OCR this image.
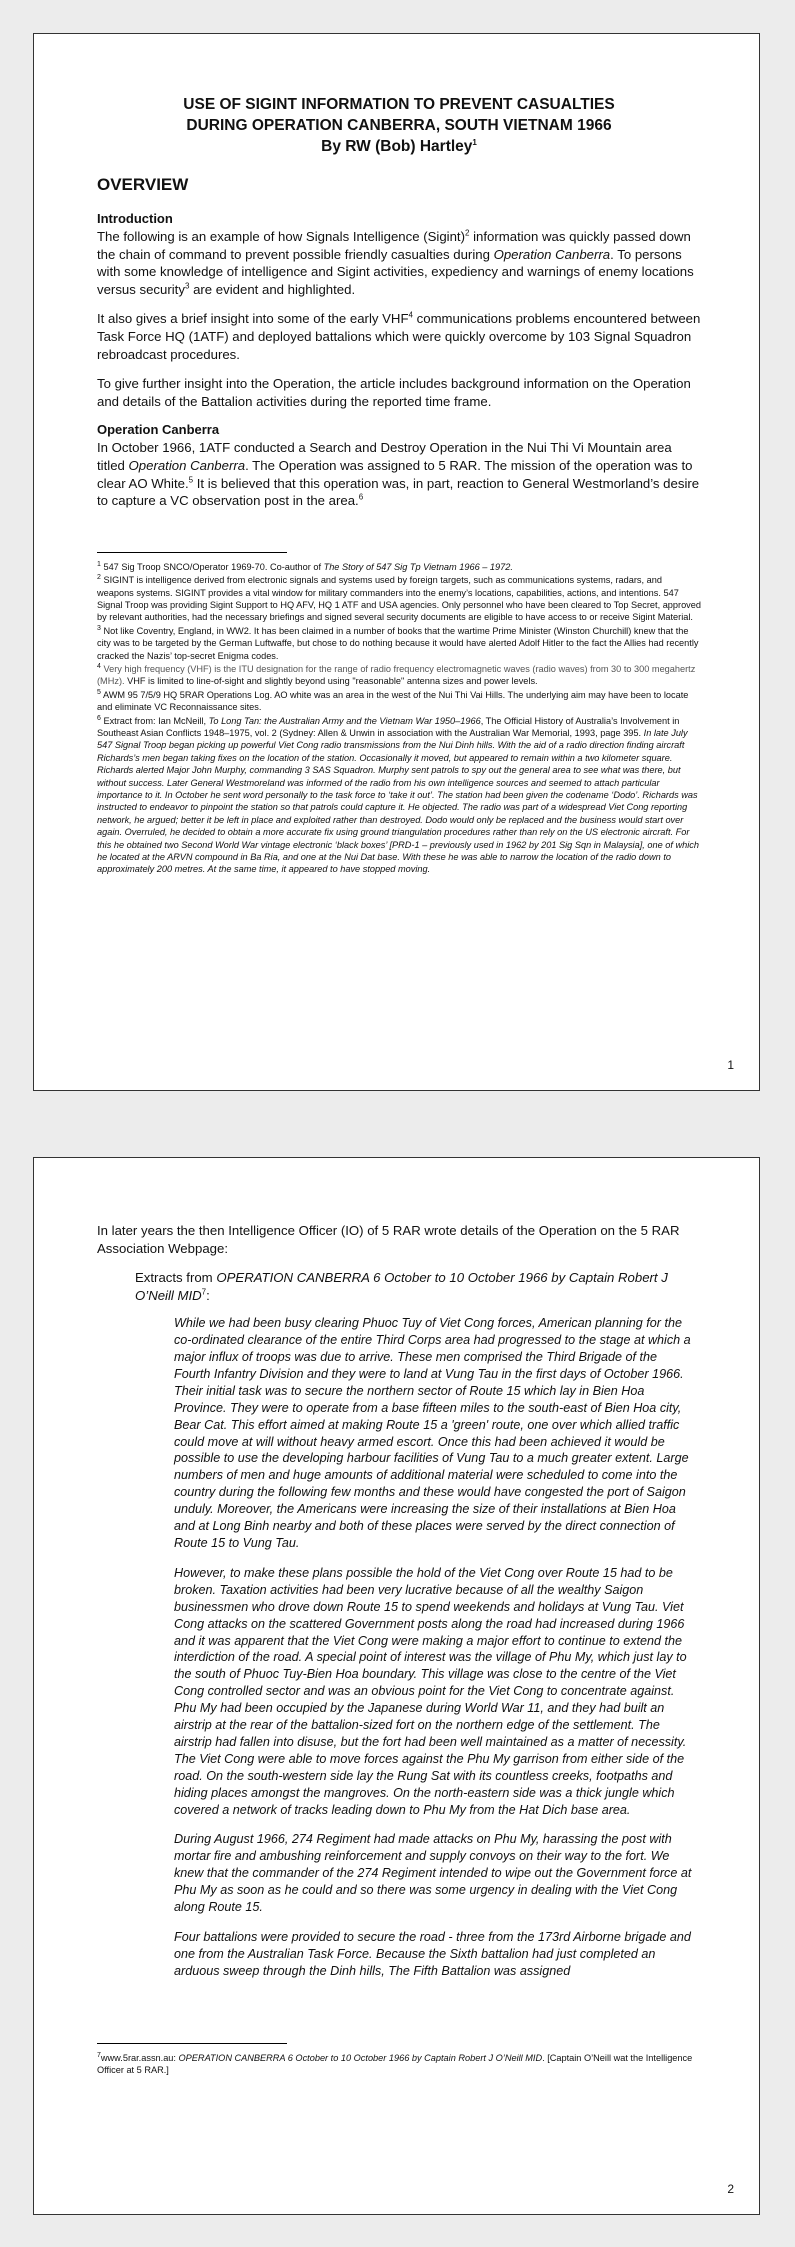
USE OF SIGINT INFORMATION TO PREVENT CASUALTIES
DURING OPERATION CANBERRA, SOUTH VIETNAM 1966
By RW (Bob) Hartley$^1$
OVERVIEW
Introduction

The following is an example of how Signals Intelligence (Sigint)$^2$ information was quickly passed down the chain of command to prevent possible friendly casualties during Operation Canberra. To persons with some knowledge of intelligence and Sigint activities, expediency and warnings of enemy locations versus security$^3$ are evident and highlighted.

It also gives a brief insight into some of the early VHF$^4$ communications problems encountered between Task Force HQ (1ATF) and deployed battalions which were quickly overcome by 103 Signal Squadron rebroadcast procedures.

To give further insight into the Operation, the article includes background information on the Operation and details of the Battalion activities during the reported time frame.

Operation Canberra

In October 1966, 1ATF conducted a Search and Destroy Operation in the Nui Thi Vi Mountain area titled Operation Canberra. The Operation was assigned to 5 RAR. The mission of the operation was to clear AO White.$^5$ It is believed that this operation was, in part, reaction to General Westmorland’s desire to capture a VC observation post in the area.$^6$

$^1$ 547 Sig Troop SNCO/Operator 1969-70. Co-author of The Story of 547 Sig Tp Vietnam 1966 – 1972.
$^2$ SIGINT is intelligence derived from electronic signals and systems used by foreign targets, such as communications systems, radars, and weapons systems. SIGINT provides a vital window for military commanders into the enemy’s locations, capabilities, actions, and intentions. 547 Signal Troop was providing Sigint Support to HQ AFV, HQ 1 ATF and USA agencies. Only personnel who have been cleared to Top Secret, approved by relevant authorities, had the necessary briefings and signed several security documents are eligible to have access to or receive Sigint Material.
$^3$ Not like Coventry, England, in WW2. It has been claimed in a number of books that the wartime Prime Minister (Winston Churchill) knew that the city was to be targeted by the German Luftwaffe, but chose to do nothing because it would have alerted Adolf Hitler to the fact the Allies had recently cracked the Nazis’ top-secret Enigma codes.
$^4$ Very high frequency (VHF) is the ITU designation for the range of radio frequency electromagnetic waves (radio waves) from 30 to 300 megahertz (MHz). VHF is limited to line-of-sight and slightly beyond using "reasonable" antenna sizes and power levels.
$^5$ AWM 95 7/5/9 HQ 5RAR Operations Log. AO white was an area in the west of the Nui Thi Vai Hills. The underlying aim may have been to locate and eliminate VC Reconnaissance sites.
$^6$ Extract from: Ian McNeill, To Long Tan: the Australian Army and the Vietnam War 1950–1966, The Official History of Australia’s Involvement in Southeast Asian Conflicts 1948–1975, vol. 2 (Sydney: Allen & Unwin in association with the Australian War Memorial, 1993, page 395. In late July 547 Signal Troop began picking up powerful Viet Cong radio transmissions from the Nui Dinh hills. With the aid of a radio direction finding aircraft Richards’s men began taking fixes on the location of the station. Occasionally it moved, but appeared to remain within a two kilometer square. Richards alerted Major John Murphy, commanding 3 SAS Squadron. Murphy sent patrols to spy out the general area to see what was there, but without success. Later General Westmoreland was informed of the radio from his own intelligence sources and seemed to attach particular importance to it. In October he sent word personally to the task force to ‘take it out’. The station had been given the codename ‘Dodo’. Richards was instructed to endeavor to pinpoint the station so that patrols could capture it. He objected. The radio was part of a widespread Viet Cong reporting network, he argued; better it be left in place and exploited rather than destroyed. Dodo would only be replaced and the business would start over again. Overruled, he decided to obtain a more accurate fix using ground triangulation procedures rather than rely on the US electronic aircraft. For this he obtained two Second World War vintage electronic ‘black boxes’ [PRD-1 – previously used in 1962 by 201 Sig Sqn in Malaysia], one of which he located at the ARVN compound in Ba Ria, and one at the Nui Dat base. With these he was able to narrow the location of the radio down to approximately 200 metres. At the same time, it appeared to have stopped moving.
1

In later years the then Intelligence Officer (IO) of 5 RAR wrote details of the Operation on the 5 RAR Association Webpage:

Extracts from OPERATION CANBERRA 6 October to 10 October 1966 by Captain Robert J O’Neill MID$^7$:
While we had been busy clearing Phuoc Tuy of Viet Cong forces, American planning for the co-ordinated clearance of the entire Third Corps area had progressed to the stage at which a major influx of troops was due to arrive. These men comprised the Third Brigade of the Fourth Infantry Division and they were to land at Vung Tau in the first days of October 1966. Their initial task was to secure the northern sector of Route 15 which lay in Bien Hoa Province. They were to operate from a base fifteen miles to the south-east of Bien Hoa city, Bear Cat. This effort aimed at making Route 15 a 'green' route, one over which allied traffic could move at will without heavy armed escort. Once this had been achieved it would be possible to use the developing harbour facilities of Vung Tau to a much greater extent. Large numbers of men and huge amounts of additional material were scheduled to come into the country during the following few months and these would have congested the port of Saigon unduly. Moreover, the Americans were increasing the size of their installations at Bien Hoa and at Long Binh nearby and both of these places were served by the direct connection of Route 15 to Vung Tau.
However, to make these plans possible the hold of the Viet Cong over Route 15 had to be broken. Taxation activities had been very lucrative because of all the wealthy Saigon businessmen who drove down Route 15 to spend weekends and holidays at Vung Tau. Viet Cong attacks on the scattered Government posts along the road had increased during 1966 and it was apparent that the Viet Cong were making a major effort to continue to extend the interdiction of the road. A special point of interest was the village of Phu My, which just lay to the south of Phuoc Tuy-Bien Hoa boundary. This village was close to the centre of the Viet Cong controlled sector and was an obvious point for the Viet Cong to concentrate against. Phu My had been occupied by the Japanese during World War 11, and they had built an airstrip at the rear of the battalion-sized fort on the northern edge of the settlement. The airstrip had fallen into disuse, but the fort had been well maintained as a matter of necessity. The Viet Cong were able to move forces against the Phu My garrison from either side of the road. On the south-western side lay the Rung Sat with its countless creeks, footpaths and hiding places amongst the mangroves. On the north-eastern side was a thick jungle which covered a network of tracks leading down to Phu My from the Hat Dich base area.
During August 1966, 274 Regiment had made attacks on Phu My, harassing the post with mortar fire and ambushing reinforcement and supply convoys on their way to the fort. We knew that the commander of the 274 Regiment intended to wipe out the Government force at Phu My as soon as he could and so there was some urgency in dealing with the Viet Cong along Route 15.
Four battalions were provided to secure the road - three from the 173rd Airborne brigade and one from the Australian Task Force. Because the Sixth battalion had just completed an arduous sweep through the Dinh hills, The Fifth Battalion was assigned
$^7$www.5rar.assn.au: OPERATION CANBERRA 6 October to 10 October 1966 by Captain Robert J O’Neill MID. [Captain O’Neill wat the Intelligence Officer at 5 RAR.]
2
